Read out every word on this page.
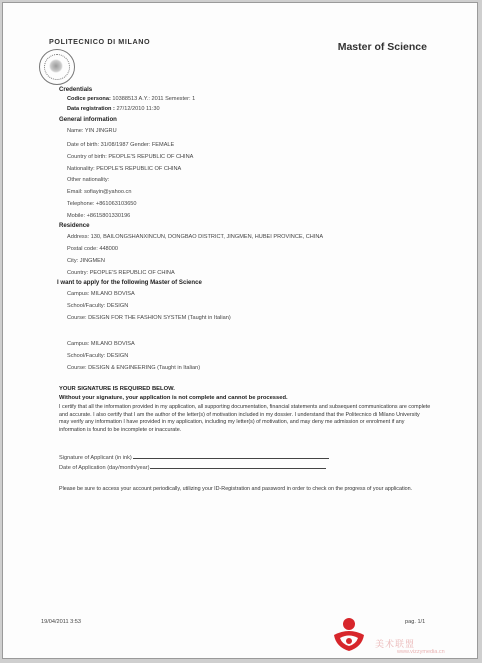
POLITECNICO DI MILANO	Master of Science
Credentials
Codice persona: 10388513 A.Y.: 2011 Semester: 1
Data registration : 27/12/2010 11:30
General information
Name: YIN JINGRU
Date of birth: 31/08/1987 Gender: FEMALE
Country of birth: PEOPLE'S REPUBLIC OF CHINA
Nationality: PEOPLE'S REPUBLIC OF CHINA
Other nationality:
Email: sofiayin@yahoo.cn
Telephone: +861063103650
Mobile: +8615801330196
Residence
Address: 130, BAILONGSHANXINCUN, DONGBAO DISTRICT, JINGMEN, HUBEI PROVINCE, CHINA
Postal code: 448000
City: JINGMEN
Country: PEOPLE'S REPUBLIC OF CHINA
I want to apply for the following Master of Science
Campus: MILANO BOVISA
School/Faculty: DESIGN
Course: DESIGN FOR THE FASHION SYSTEM (Taught in Italian)
Campus: MILANO BOVISA
School/Faculty: DESIGN
Course: DESIGN & ENGINEERING (Taught in Italian)
YOUR SIGNATURE IS REQUIRED BELOW.
Without your signature, your application is not complete and cannot be processed.
I certify that all the information provided in my application, all supporting documentation, financial statements and subsequent communications are complete and accurate. I also certify that I am the author of the letter(s) of motivation included in my dossier. I understand that the Politecnico di Milano University may verify any information I have provided in my application, including my letter(s) of motivation, and may deny me admission or enrolment if any information is found to be incomplete or inaccurate.
Signature of Applicant (in ink)
Date of Application (day/month/year)
Please be sure to access your account periodically, utilizing your ID-Registration and password in order to check on the progress of your application.
19/04/2011 3:53	pag. 1/1
美术联盟
www.vizzymedia.cn
